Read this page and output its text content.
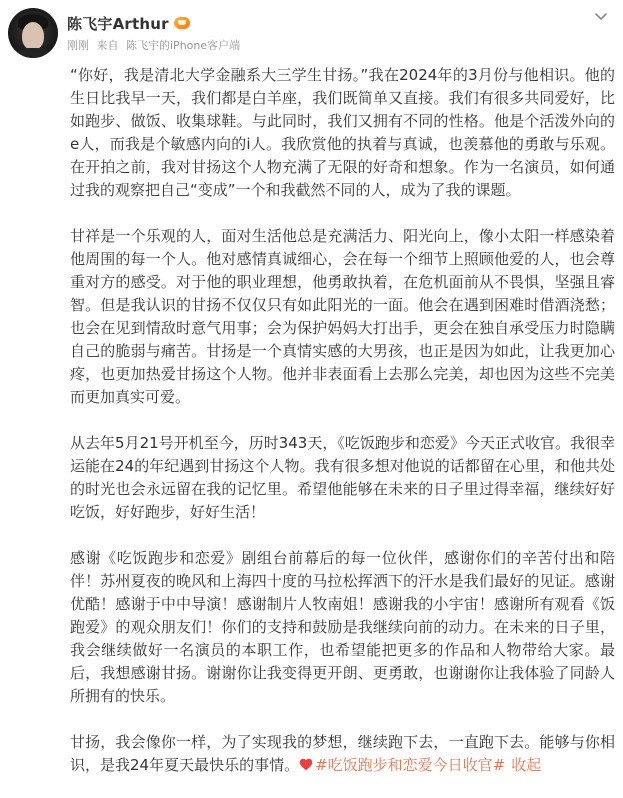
陈飞宇Arthur
刚刚 来自 陈飞宇的iPhone客户端

“你好，我是清北大学金融系大三学生甘扬。”我在2024年的3月份与他相识。他的生日比我早一天，我们都是白羊座，我们既简单又直接。我们有很多共同爱好，比如跑步、做饭、收集球鞋。与此同时，我们又拥有不同的性格。他是个活泼外向的e人，而我是个敏感内向的i人。我欣赏他的执着与真诚，也羡慕他的勇敢与乐观。在开拍之前，我对甘扬这个人物充满了无限的好奇和想象。作为一名演员，如何通过我的观察把自己“变成”一个和我截然不同的人，成为了我的课题。

甘祥是一个乐观的人，面对生活他总是充满活力、阳光向上，像小太阳一样感染着他周围的每一个人。他对感情真诚细心，会在每一个细节上照顾他爱的人，也会尊重对方的感受。对于他的职业理想，他勇敢执着，在危机面前从不畏惧，坚强且睿智。但是我认识的甘扬不仅仅只有如此阳光的一面。他会在遇到困难时借酒浇愁；也会在见到情敌时意气用事；会为保护妈妈大打出手，更会在独自承受压力时隐瞒自己的脆弱与痛苦。甘扬是一个真情实感的大男孩，也正是因为如此，让我更加心疼，也更加热爱甘扬这个人物。他并非表面看上去那么完美，却也因为这些不完美而更加真实可爱。

从去年5月21号开机至今，历时343天，《吃饭跑步和恋爱》今天正式收官。我很幸运能在24的年纪遇到甘扬这个人物。我有很多想对他说的话都留在心里，和他共处的时光也会永远留在我的记忆里。希望他能够在未来的日子里过得幸福，继续好好吃饭，好好跑步，好好生活！

感谢《吃饭跑步和恋爱》剧组台前幕后的每一位伙伴，感谢你们的辛苦付出和陪伴！苏州夏夜的晚风和上海四十度的马拉松挥洒下的汗水是我们最好的见证。感谢优酷！感谢于中中导演！感谢制片人牧南姐！感谢我的小宇宙！感谢所有观看《饭跑爱》的观众朋友们！你们的支持和鼓励是我继续向前的动力。在未来的日子里，我会继续做好一名演员的本职工作，也希望能把更多的作品和人物带给大家。最后，我想感谢甘扬。谢谢你让我变得更开朗、更勇敢，也谢谢你让我体验了同龄人所拥有的快乐。

甘扬，我会像你一样，为了实现我的梦想，继续跑下去，一直跑下去。能够与你相识，是我24年夏天最快乐的事情。 #吃饭跑步和恋爱今日收官# 收起
